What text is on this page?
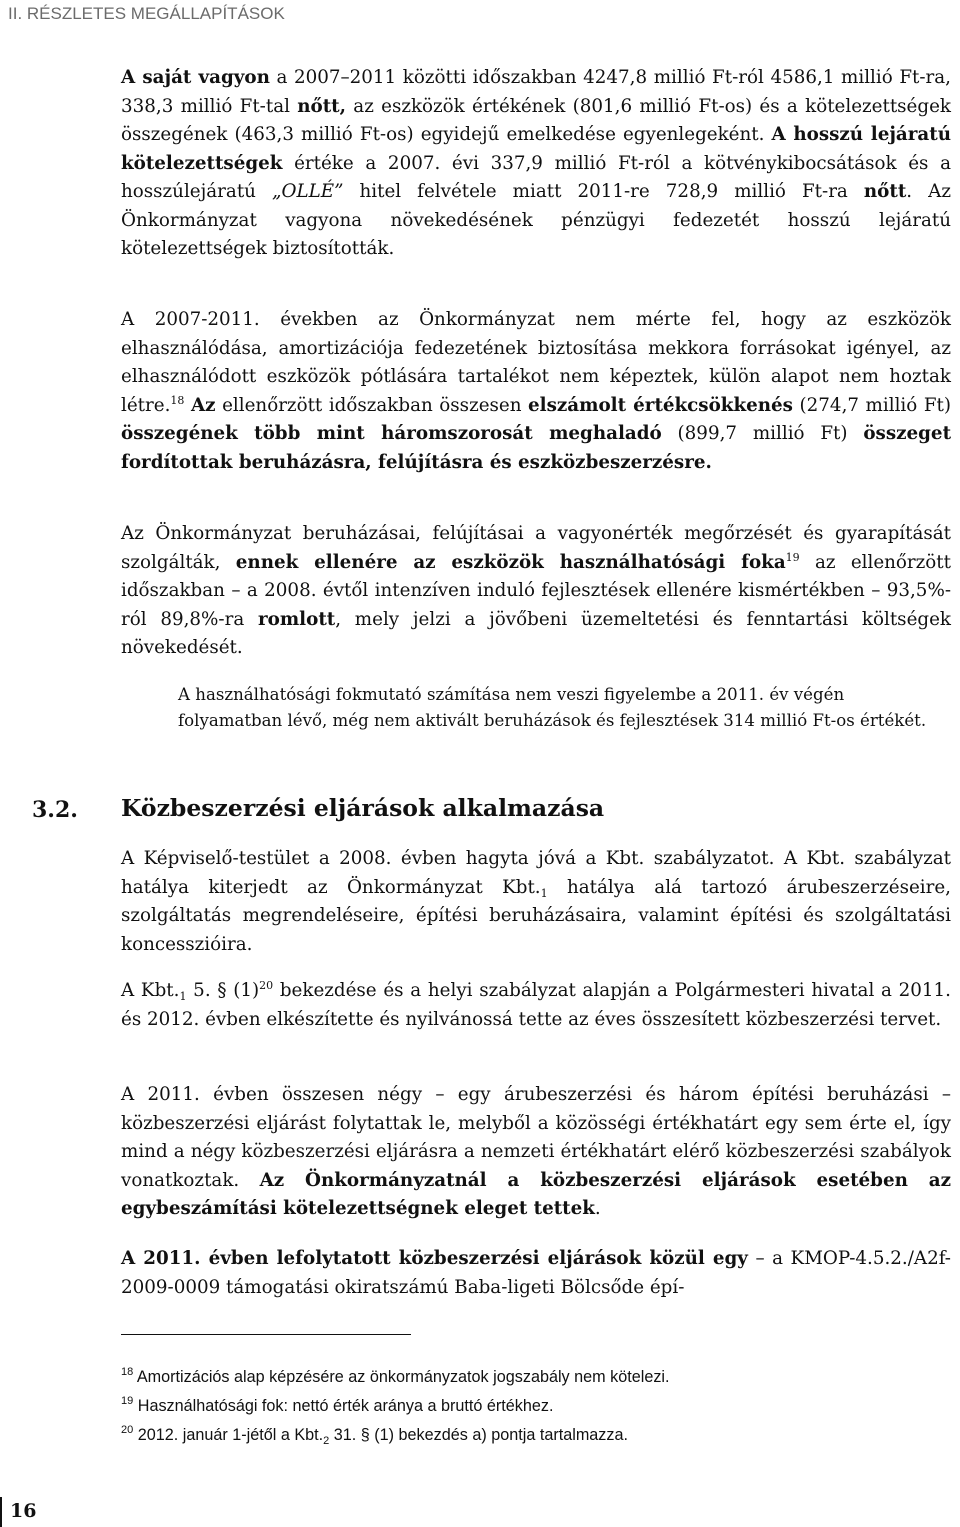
II. RÉSZLETES MEGÁLLAPÍTÁSOK
A saját vagyon a 2007–2011 közötti időszakban 4247,8 millió Ft-ról 4586,1 millió Ft-ra, 338,3 millió Ft-tal nőtt, az eszközök értékének (801,6 millió Ft-os) és a kötelezettségek összegének (463,3 millió Ft-os) egyidejű emelkedése egyenlegeként. A hosszú lejáratú kötelezettségek értéke a 2007. évi 337,9 millió Ft-ról a kötvénykibocsátások és a hosszúlejáratú „OLLÉ” hitel felvétele miatt 2011-re 728,9 millió Ft-ra nőtt. Az Önkormányzat vagyona növekedésének pénzügyi fedezetét hosszú lejáratú kötelezettségek biztosították.
A 2007-2011. években az Önkormányzat nem mérte fel, hogy az eszközök elhasználódása, amortizációja fedezetének biztosítása mekkora forrásokat igényel, az elhasználódott eszközök pótlására tartalékot nem képeztek, külön alapot nem hoztak létre.$^{18}$ Az ellenőrzött időszakban összesen elszámolt értékcsökkenés (274,7 millió Ft) összegének több mint háromszorosát meghaladó (899,7 millió Ft) összeget fordítottak beruházásra, felújításra és eszközbeszerzésre.
Az Önkormányzat beruházásai, felújításai a vagyonérték megőrzését és gyarapítását szolgálták, ennek ellenére az eszközök használhatósági foka$^{19}$ az ellenőrzött időszakban – a 2008. évtől intenzíven induló fejlesztések ellenére kismértékben – 93,5%-ról 89,8%-ra romlott, mely jelzi a jövőbeni üzemeltetési és fenntartási költségek növekedését.
A használhatósági fokmutató számítása nem veszi figyelembe a 2011. év végén folyamatban lévő, még nem aktivált beruházások és fejlesztések 314 millió Ft-os értékét.
3.2. Közbeszerzési eljárások alkalmazása
A Képviselő-testület a 2008. évben hagyta jóvá a Kbt. szabályzatot. A Kbt. szabályzat hatálya kiterjedt az Önkormányzat $Kbt._1$ hatálya alá tartozó árubeszerzéseire, szolgáltatás megrendeléseire, építési beruházásaira, valamint építési és szolgáltatási koncesszióira.
A $Kbt._1$ 5. § $(1)^{20}$ bekezdése és a helyi szabályzat alapján a Polgármesteri hivatal a 2011. és 2012. évben elkészítette és nyilvánossá tette az éves összesített közbeszerzési tervet.
A 2011. évben összesen négy – egy árubeszerzési és három építési beruházási – közbeszerzési eljárást folytattak le, melyből a közösségi értékhatárt egy sem érte el, így mind a négy közbeszerzési eljárásra a nemzeti értékhatárt elérő közbeszerzési szabályok vonatkoztak. Az Önkormányzatnál a közbeszerzési eljárások esetében az egybeszámítási kötelezettségnek eleget tettek.
A 2011. évben lefolytatott közbeszerzési eljárások közül egy – a KMOP-4.5.2./A2f-2009-0009 támogatási okiratszámú Baba-ligeti Bölcsőde épí-
$^{18}$ Amortizációs alap képzésére az önkormányzatok jogszabály nem kötelezi.
$^{19}$ Használhatósági fok: nettó érték aránya a bruttó értékhez.
$^{20}$ 2012. január 1-jétől a $Kbt._2$ 31. § (1) bekezdés a) pontja tartalmazza.
16
